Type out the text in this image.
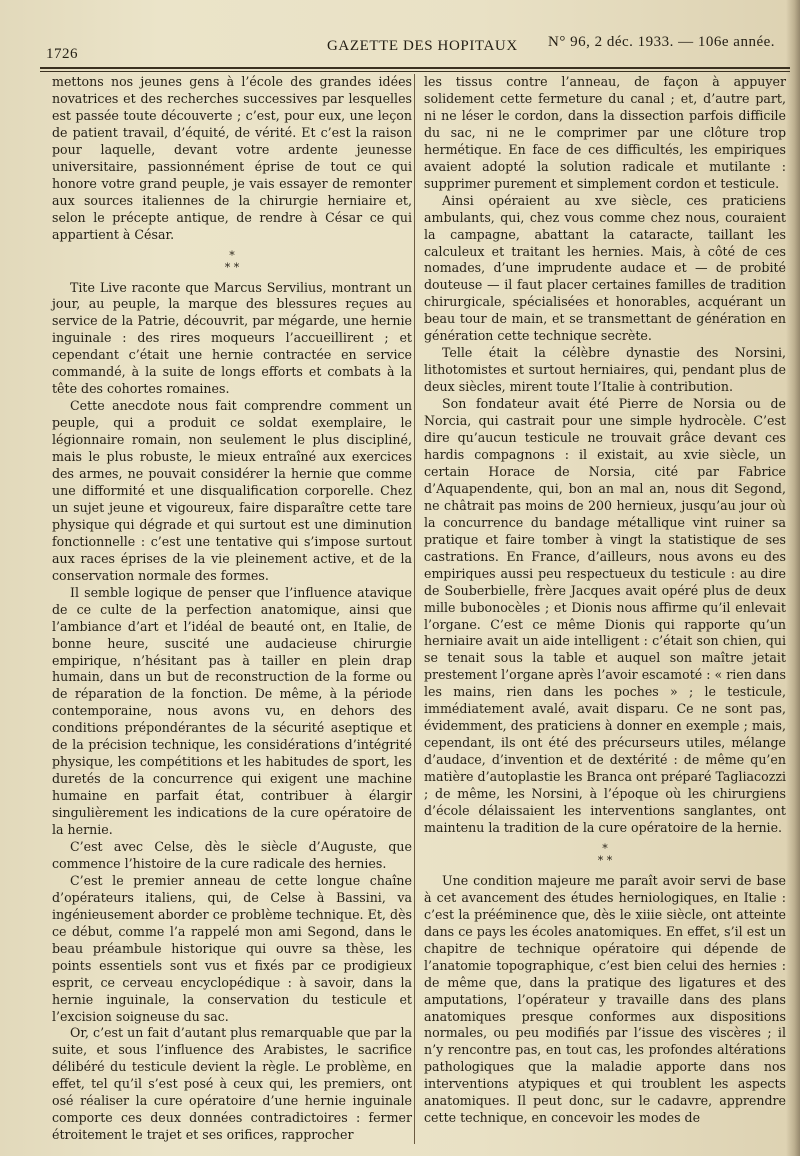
1726	GAZETTE DES HOPITAUX N° 96, 2 déc. 1933. — 106e année.

mettons nos jeunes gens à l’école des grandes idées novatrices et des recherches successives par lesquelles est passée toute découverte ; c’est, pour eux, une leçon de patient travail, d’équité, de vérité. Et c’est la raison pour laquelle, devant votre ardente jeunesse universitaire, passionnément éprise de tout ce qui honore votre grand peuple, je vais essayer de remonter aux sources italiennes de la chirurgie herniaire et, selon le précepte antique, de rendre à César ce qui appartient à César.

*
* *

Tite Live raconte que Marcus Servilius, montrant un jour, au peuple, la marque des blessures reçues au service de la Patrie, découvrit, par mégarde, une hernie inguinale : des rires moqueurs l’accueillirent ; et cependant c’était une hernie contractée en service commandé, à la suite de longs efforts et combats à la tête des cohortes romaines.

Cette anecdote nous fait comprendre comment un peuple, qui a produit ce soldat exemplaire, le légionnaire romain, non seulement le plus discipliné, mais le plus robuste, le mieux entraîné aux exercices des armes, ne pouvait considérer la hernie que comme une difformité et une disqualification corporelle. Chez un sujet jeune et vigoureux, faire disparaître cette tare physique qui dégrade et qui surtout est une diminution fonctionnelle : c’est une tentative qui s’impose surtout aux races éprises de la vie pleinement active, et de la conservation normale des formes.

Il semble logique de penser que l’influence atavique de ce culte de la perfection anatomique, ainsi que l’ambiance d’art et l’idéal de beauté ont, en Italie, de bonne heure, suscité une audacieuse chirurgie empirique, n’hésitant pas à tailler en plein drap humain, dans un but de reconstruction de la forme ou de réparation de la fonction. De même, à la période contemporaine, nous avons vu, en dehors des conditions prépondérantes de la sécurité aseptique et de la précision technique, les considérations d’intégrité physique, les compétitions et les habitudes de sport, les duretés de la concurrence qui exigent une machine humaine en parfait état, contribuer à élargir singulièrement les indications de la cure opératoire de la hernie.

C’est avec Celse, dès le siècle d’Auguste, que commence l’histoire de la cure radicale des hernies.

C’est le premier anneau de cette longue chaîne d’opérateurs italiens, qui, de Celse à Bassini, va ingénieusement aborder ce problème technique. Et, dès ce début, comme l’a rappelé mon ami Segond, dans le beau préambule historique qui ouvre sa thèse, les points essentiels sont vus et fixés par ce prodigieux esprit, ce cerveau encyclopédique : à savoir, dans la hernie inguinale, la conservation du testicule et l’excision soigneuse du sac.

Or, c’est un fait d’autant plus remarquable que par la suite, et sous l’influence des Arabistes, le sacrifice délibéré du testicule devient la règle. Le problème, en effet, tel qu’il s’est posé à ceux qui, les premiers, ont osé réaliser la cure opératoire d’une hernie inguinale comporte ces deux données contradictoires : fermer étroitement le trajet et ses orifices, rapprocher

les tissus contre l’anneau, de façon à appuyer solidement cette fermeture du canal ; et, d’autre part, ni ne léser le cordon, dans la dissection parfois difficile du sac, ni ne le comprimer par une clôture trop hermétique. En face de ces difficultés, les empiriques avaient adopté la solution radicale et mutilante : supprimer purement et simplement cordon et testicule.

Ainsi opéraient au xve siècle, ces praticiens ambulants, qui, chez vous comme chez nous, couraient la campagne, abattant la cataracte, taillant les calculeux et traitant les hernies. Mais, à côté de ces nomades, d’une imprudente audace et — de probité douteuse — il faut placer certaines familles de tradition chirurgicale, spécialisées et honorables, acquérant un beau tour de main, et se transmettant de génération en génération cette technique secrète.

Telle était la célèbre dynastie des Norsini, lithotomistes et surtout herniaires, qui, pendant plus de deux siècles, mirent toute l’Italie à contribution.

Son fondateur avait été Pierre de Norsia ou de Norcia, qui castrait pour une simple hydrocèle. C’est dire qu’aucun testicule ne trouvait grâce devant ces hardis compagnons : il existait, au xvie siècle, un certain Horace de Norsia, cité par Fabrice d’Aquapendente, qui, bon an mal an, nous dit Segond, ne châtrait pas moins de 200 hernieux, jusqu’au jour où la concurrence du bandage métallique vint ruiner sa pratique et faire tomber à vingt la statistique de ses castrations. En France, d’ailleurs, nous avons eu des empiriques aussi peu respectueux du testicule : au dire de Souberbielle, frère Jacques avait opéré plus de deux mille bubonocèles ; et Dionis nous affirme qu’il enlevait l’organe. C’est ce même Dionis qui rapporte qu’un herniaire avait un aide intelligent : c’était son chien, qui se tenait sous la table et auquel son maître jetait prestement l’organe après l’avoir escamoté : « rien dans les mains, rien dans les poches » ; le testicule, immédiatement avalé, avait disparu. Ce ne sont pas, évidemment, des praticiens à donner en exemple ; mais, cependant, ils ont été des précurseurs utiles, mélange d’audace, d’invention et de dextérité : de même qu’en matière d’autoplastie les Branca ont préparé Tagliacozzi ; de même, les Norsini, à l’époque où les chirurgiens d’école délaissaient les interventions sanglantes, ont maintenu la tradition de la cure opératoire de la hernie.

*
* *

Une condition majeure me paraît avoir servi de base à cet avancement des études herniologiques, en Italie : c’est la prééminence que, dès le xiiie siècle, ont atteinte dans ce pays les écoles anatomiques. En effet, s’il est un chapitre de technique opératoire qui dépende de l’anatomie topographique, c’est bien celui des hernies : de même que, dans la pratique des ligatures et des amputations, l’opérateur y travaille dans des plans anatomiques presque conformes aux dispositions normales, ou peu modifiés par l’issue des viscères ; il n’y rencontre pas, en tout cas, les profondes altérations pathologiques que la maladie apporte dans nos interventions atypiques et qui troublent les aspects anatomiques. Il peut donc, sur le cadavre, apprendre cette technique, en concevoir les modes de
